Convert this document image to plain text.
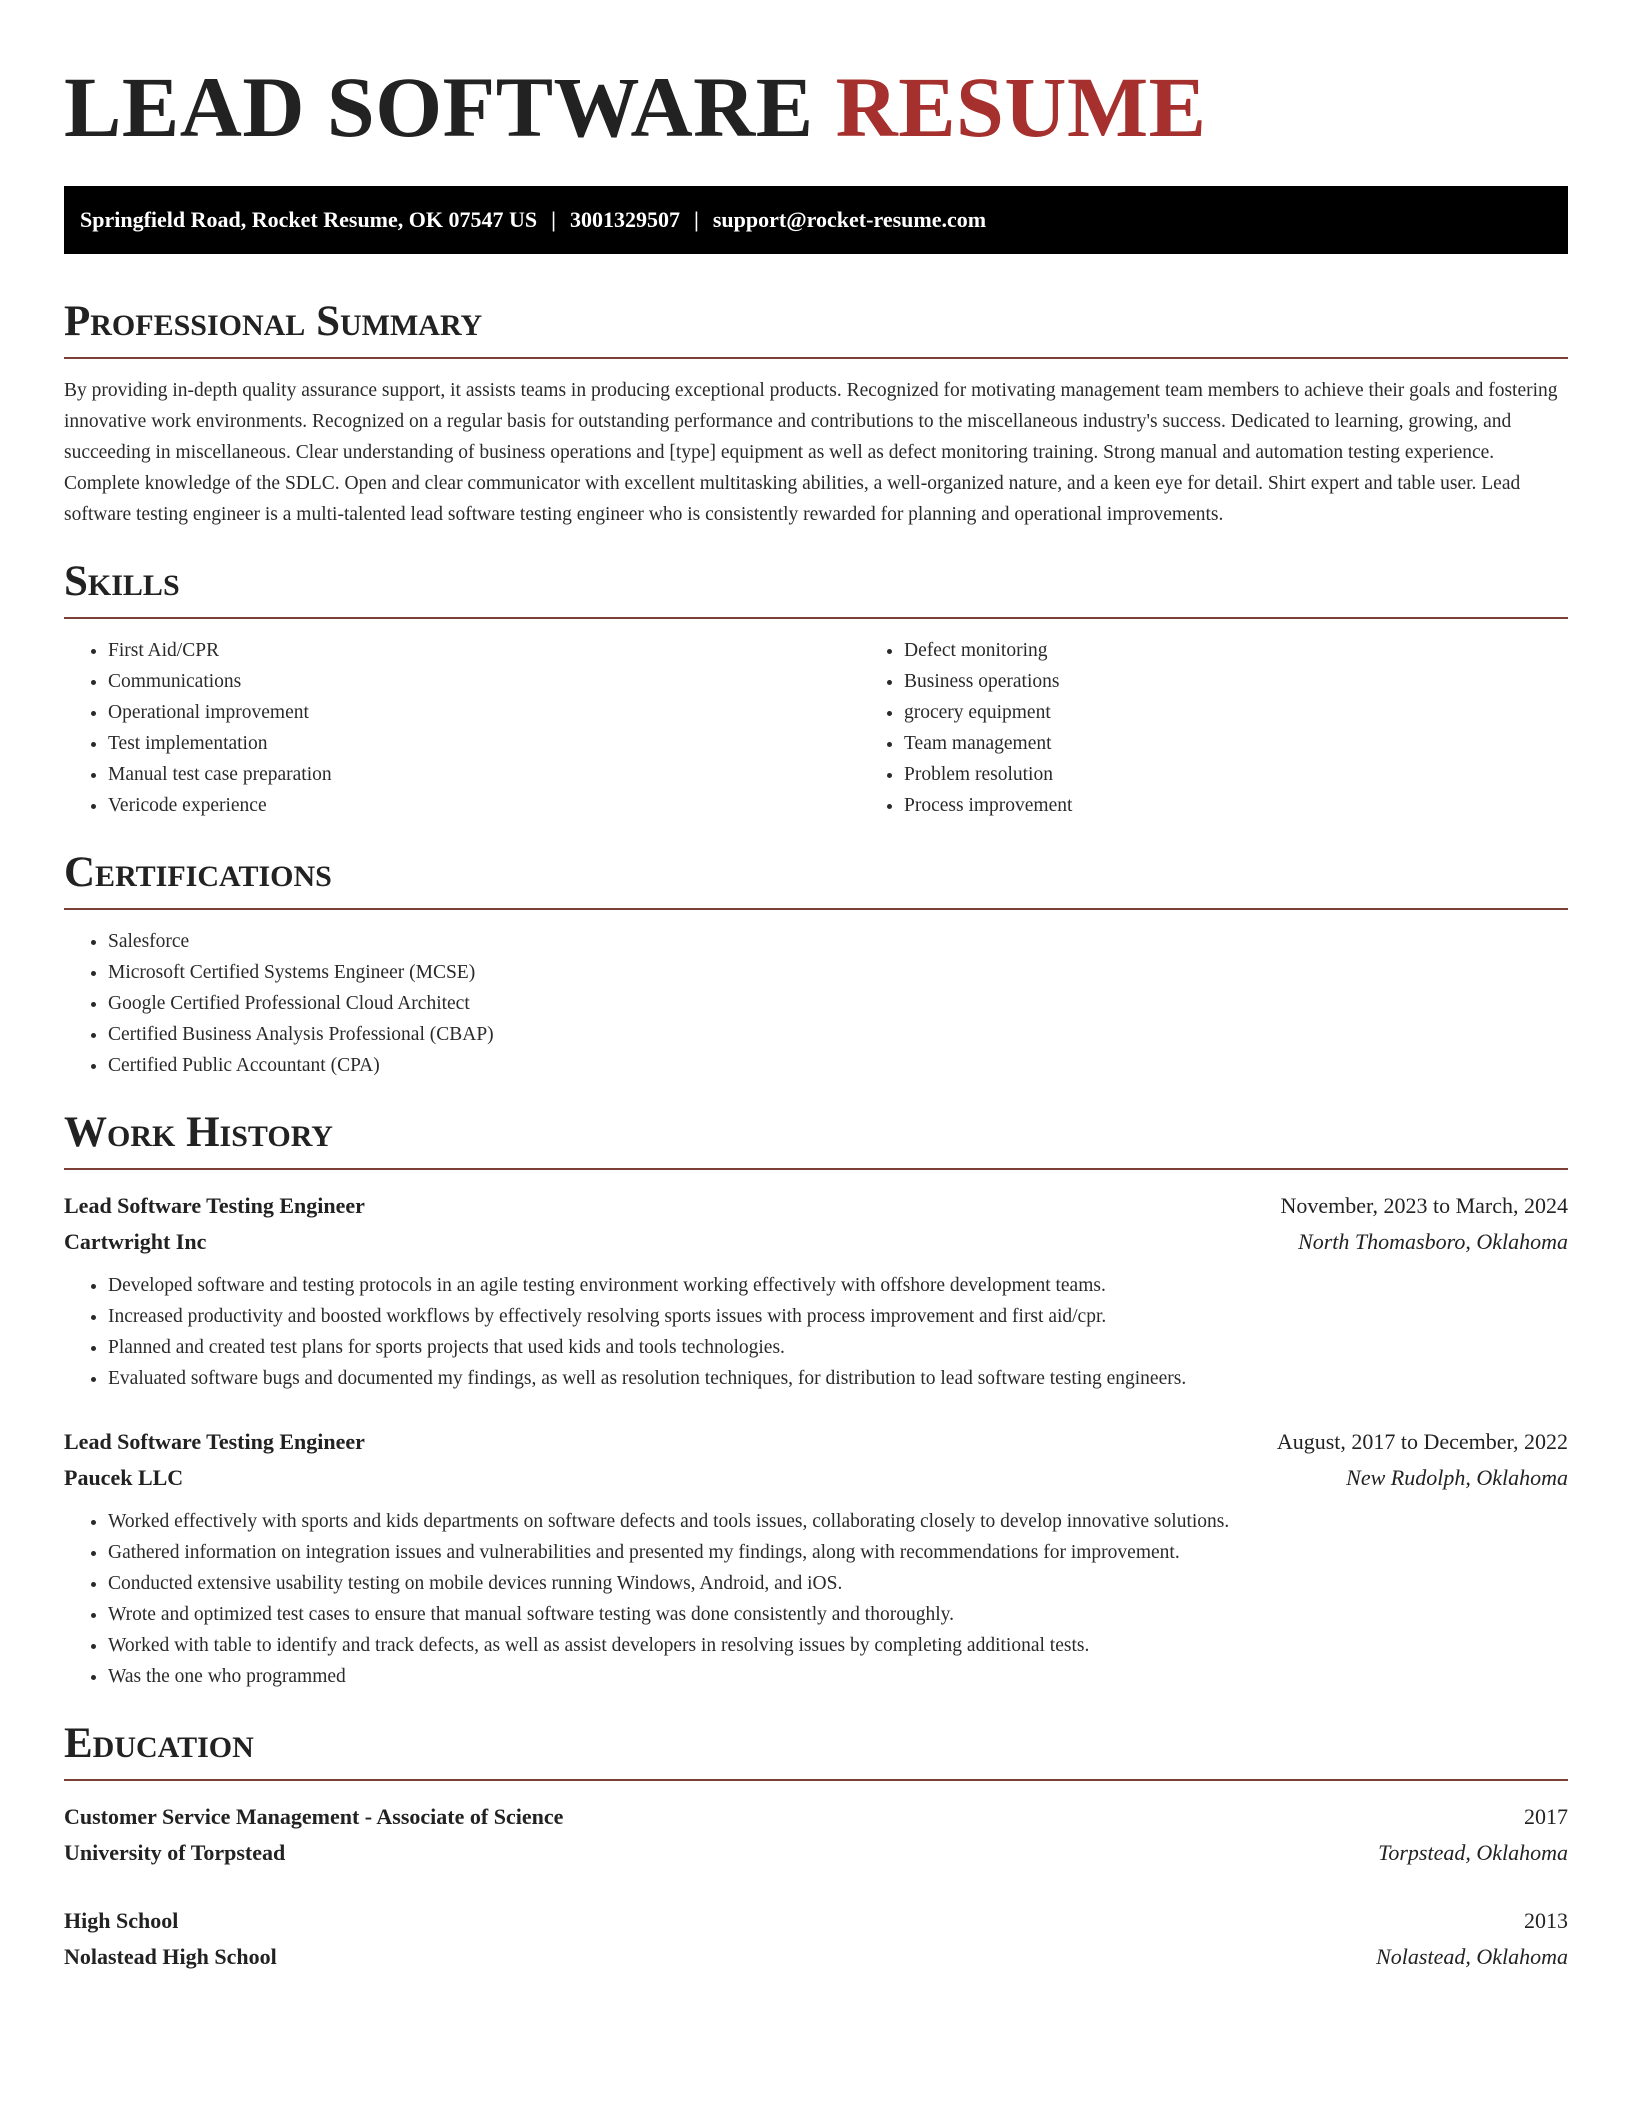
LEAD SOFTWARE RESUME
Springfield Road, Rocket Resume, OK 07547 US | 3001329507 | support@rocket-resume.com
Professional Summary

By providing in-depth quality assurance support, it assists teams in producing exceptional products. Recognized for motivating management team members to achieve their goals and fostering innovative work environments. Recognized on a regular basis for outstanding performance and contributions to the miscellaneous industry's success. Dedicated to learning, growing, and succeeding in miscellaneous. Clear understanding of business operations and [type] equipment as well as defect monitoring training. Strong manual and automation testing experience. Complete knowledge of the SDLC. Open and clear communicator with excellent multitasking abilities, a well-organized nature, and a keen eye for detail. Shirt expert and table user. Lead software testing engineer is a multi-talented lead software testing engineer who is consistently rewarded for planning and operational improvements.

Skills
• First Aid/CPR
• Communications
• Operational improvement
• Test implementation
• Manual test case preparation
• Vericode experience
• Defect monitoring
• Business operations
• grocery equipment
• Team management
• Problem resolution
• Process improvement
Certifications
• Salesforce
• Microsoft Certified Systems Engineer (MCSE)
• Google Certified Professional Cloud Architect
• Certified Business Analysis Professional (CBAP)
• Certified Public Accountant (CPA)
Work History
Lead Software Testing Engineer	November, 2023 to March, 2024
Cartwright Inc	North Thomasboro, Oklahoma
• Developed software and testing protocols in an agile testing environment working effectively with offshore development teams.
• Increased productivity and boosted workflows by effectively resolving sports issues with process improvement and first aid/cpr.
• Planned and created test plans for sports projects that used kids and tools technologies.
• Evaluated software bugs and documented my findings, as well as resolution techniques, for distribution to lead software testing engineers.
Lead Software Testing Engineer	August, 2017 to December, 2022
Paucek LLC	New Rudolph, Oklahoma
• Worked effectively with sports and kids departments on software defects and tools issues, collaborating closely to develop innovative solutions.
• Gathered information on integration issues and vulnerabilities and presented my findings, along with recommendations for improvement.
• Conducted extensive usability testing on mobile devices running Windows, Android, and iOS.
• Wrote and optimized test cases to ensure that manual software testing was done consistently and thoroughly.
• Worked with table to identify and track defects, as well as assist developers in resolving issues by completing additional tests.
• Was the one who programmed
Education
Customer Service Management - Associate of Science	2017
University of Torpstead	Torpstead, Oklahoma
High School	2013
Nolastead High School	Nolastead, Oklahoma
